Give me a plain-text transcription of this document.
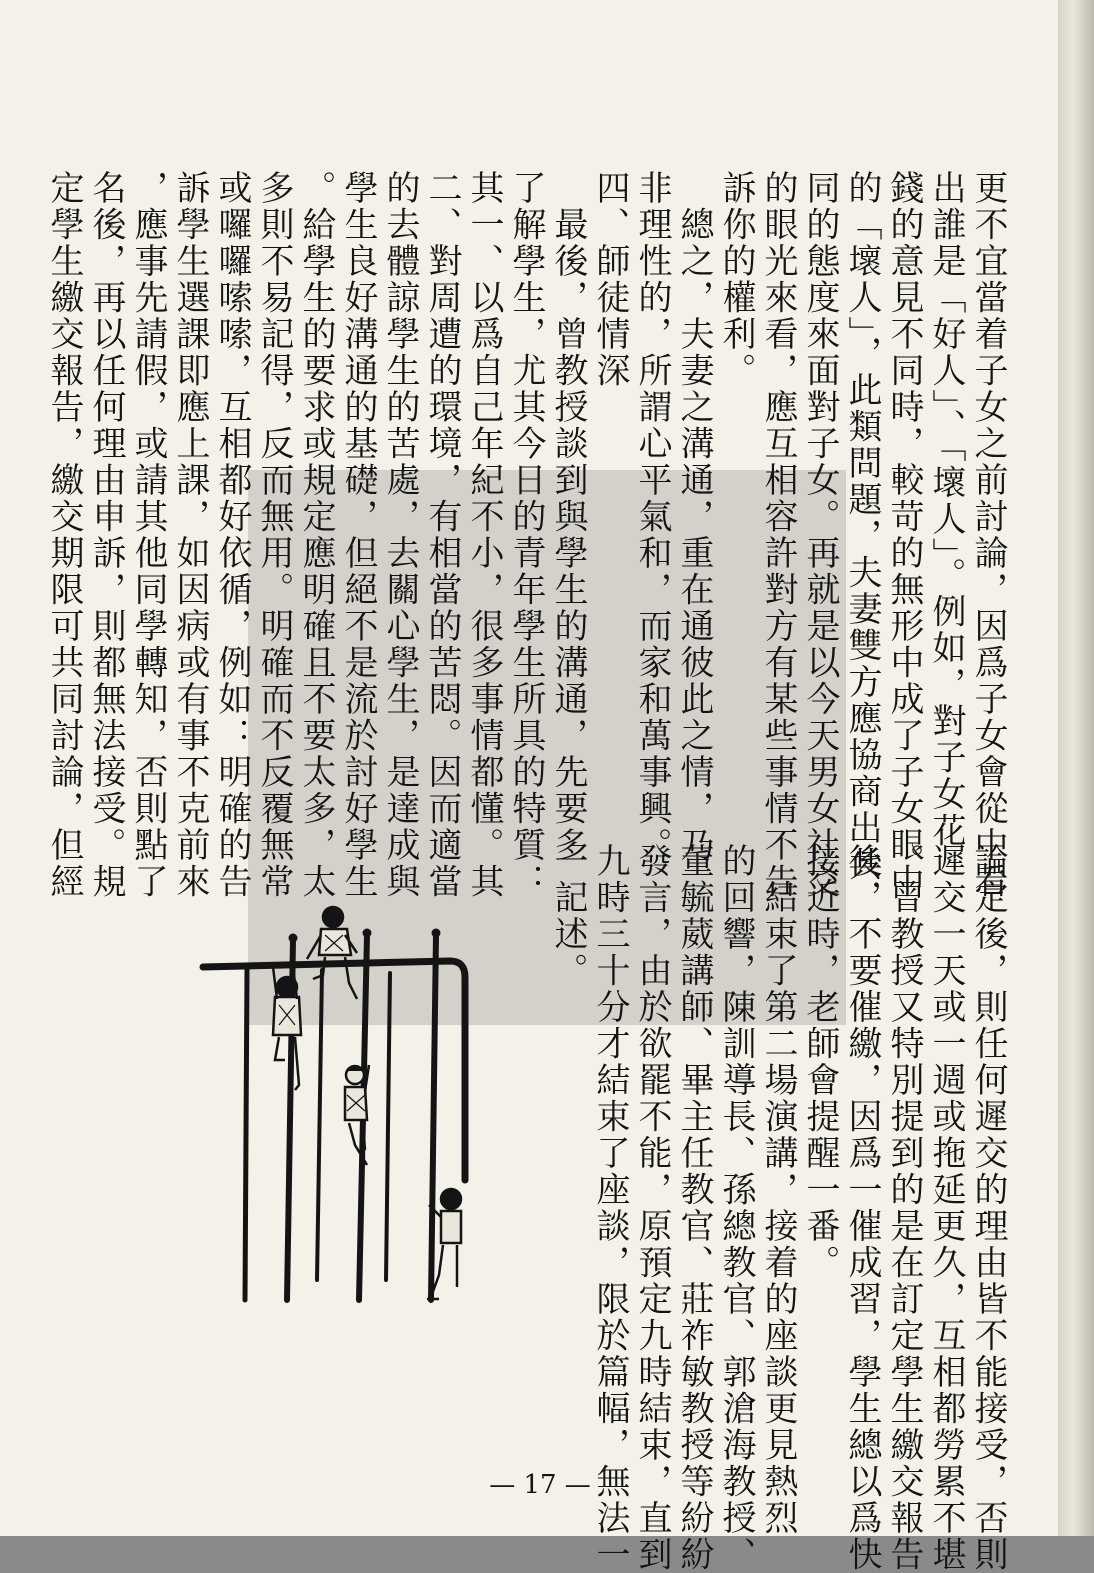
更不宜當着子女之前討論，因爲子女會從中看
出誰是「好人」、「壞人」。例如，對子女花
錢的意見不同時，較苛的無形中成了子女眼中
的「壞人」，此類問題，夫妻雙方應協商出共
同的態度來面對子女。再就是以今天男女社交
的眼光來看，應互相容許對方有某些事情不告
訴你的權利。
　總之，夫妻之溝通，重在通彼此之情，乃
非理性的，所謂心平氣和，而家和萬事興。
四、師徒情深
　最後，曾教授談到與學生的溝通，先要多
了解學生，尤其今日的青年學生所具的特質：
其一、以爲自己年紀不小，很多事情都懂。其
二、對周遭的環境，有相當的苦悶。因而適當
的去體諒學生的苦處，去關心學生，是達成與
學生良好溝通的基礎，但絕不是流於討好學生
。給學生的要求或規定應明確且不要太多，太
多則不易記得，反而無用。明確而不反覆無常
或囉囉嗦嗦，互相都好依循，例如：明確的告
訴學生選課即應上課，如因病或有事不克前來
，應事先請假，或請其他同學轉知，否則點了
名後，再以任何理由申訴，則都無法接受。規
定學生繳交報告，繳交期限可共同討論，但經
論定後，則任何遲交的理由皆不能接受，否則
遲交一天或一週或拖延更久，互相都勞累不堪
。曾教授又特別提到的是在訂定學生繳交報告
後，不要催繳，因爲一催成習，學生總以爲快
接近時，老師會提醒一番。
　結束了第二場演講，接着的座談更見熱烈
的回響，陳訓導長、孫總教官、郭滄海教授、
董毓葳講師、畢主任教官、莊祚敏教授等紛紛
發言，由於欲罷不能，原預定九時結束，直到
九時三十分才結束了座談，限於篇幅，無法一
一記述。
— 17 —
